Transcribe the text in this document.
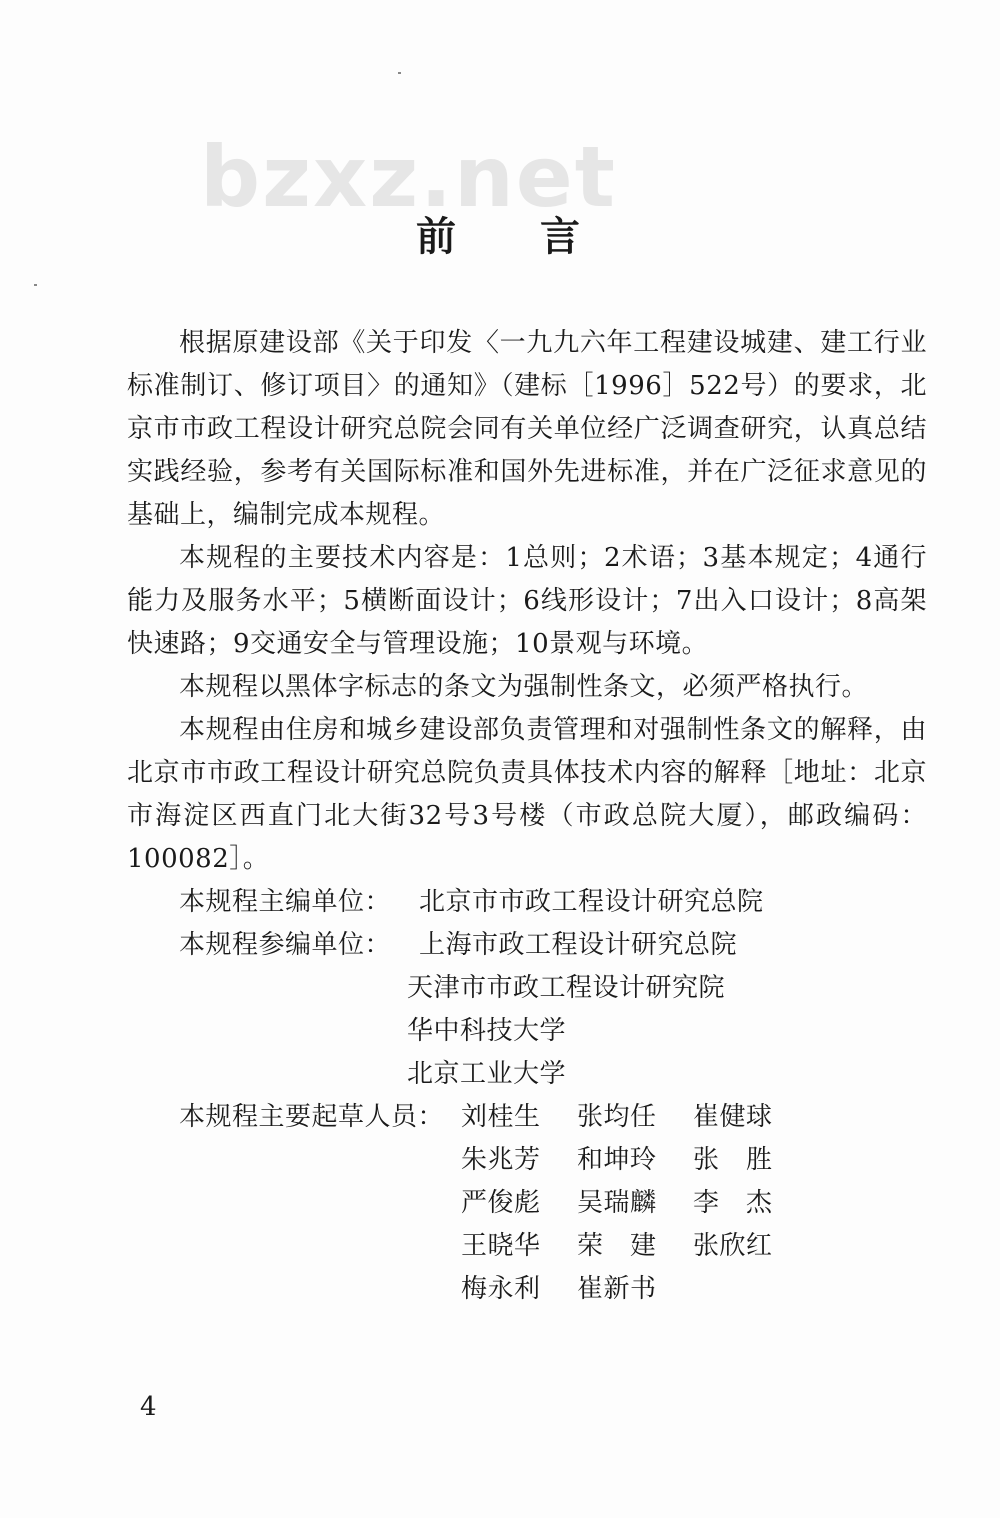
bzxz.net
前 言

根据原建设部《关于印发〈一九九六年工程建设城建、建工行业标准制订、修订项目〉的通知》（建标［1996］522号）的要求，北京市市政工程设计研究总院会同有关单位经广泛调查研究，认真总结实践经验，参考有关国际标准和国外先进标准，并在广泛征求意见的基础上，编制完成本规程。

本规程的主要技术内容是：1总则；2术语；3基本规定；4通行能力及服务水平；5横断面设计；6线形设计；7出入口设计；8高架快速路；9交通安全与管理设施；10景观与环境。

本规程以黑体字标志的条文为强制性条文，必须严格执行。

本规程由住房和城乡建设部负责管理和对强制性条文的解释，由北京市市政工程设计研究总院负责具体技术内容的解释［地址：北京市海淀区西直门北大街32号3号楼（市政总院大厦），邮政编码：100082］。

本规程主编单位：	北京市市政工程设计研究总院
本规程参编单位：	上海市政工程设计研究总院
天津市市政工程设计研究院
华中科技大学
北京工业大学
本规程主要起草人员： 刘桂生	张均任	崔健球
朱兆芳	和坤玲	张　胜
严俊彪	吴瑞麟	李　杰
王晓华	荣　建	张欣红
梅永利	崔新书
4
